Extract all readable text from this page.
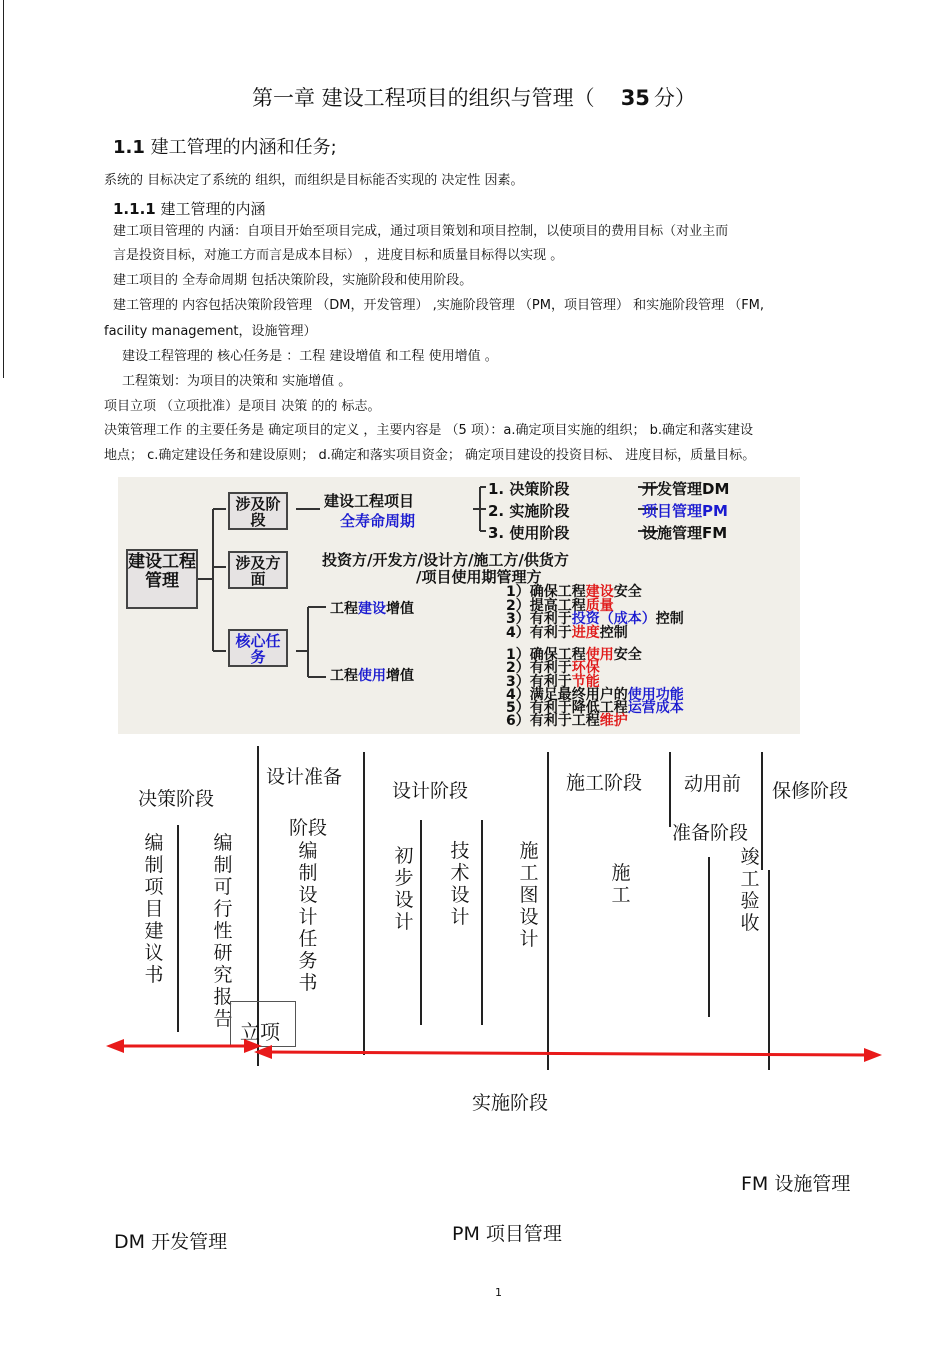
第一章 建设工程项目的组织与管理（ 35 分）
1.1 建工管理的内涵和任务;
系统的 目标决定了系统的 组织，而组织是目标能否实现的 决定性 因素。
1.1.1 建工管理的内涵
建工项目管理的 内涵：自项目开始至项目完成，通过项目策划和项目控制，以使项目的费用目标（对业主而
言是投资目标，对施工方而言是成本目标） ，进度目标和质量目标得以实现 。
建工项目的 全寿命周期 包括决策阶段，实施阶段和使用阶段。
建工管理的 内容包括决策阶段管理 （DM，开发管理） ,实施阶段管理 （PM，项目管理） 和实施阶段管理 （FM,
facility management，设施管理）
建设工程管理的 核心任务是 ：工程 建设增值 和工程 使用增值 。
工程策划：为项目的决策和 实施增值 。
项目立项 （立项批准）是项目 决策 的的 标志。
决策管理工作 的主要任务是 确定项目的定义 ，主要内容是 （5 项）：a.确定项目实施的组织； b.确定和落实建设
地点； c.确定建设任务和建设原则； d.确定和落实项目资金； 确定项目建设的投资目标、 进度目标，质量目标。
建设工程管理
涉及阶段
涉及方面
核心任务
建设工程项目
全寿命周期
1. 决策阶段	开发管理DM
2. 实施阶段	项目管理PM
3. 使用阶段	设施管理FM
投资方/开发方/设计方/施工方/供货方
/项目使用期管理方
工程建设增值
工程使用增值
1）确保工程建设安全
2）提高工程质量
3）有利于投资（成本）控制
4）有利于进度控制
1）确保工程使用安全
2）有利于环保
3）有利于节能
4）满足最终用户的使用功能
5）有利于降低工程运营成本
6）有利于工程维护
决策阶段
设计准备
阶段
设计阶段	施工阶段 动用前
准备阶段
保修阶段
编制项目建议书
编制可行性研究报告
编制设计任务书
初步设计
技术设计
施工图设计
施工
竣工验收
立项
实施阶段
FM 设施管理
DM 开发管理	PM 项目管理
1
